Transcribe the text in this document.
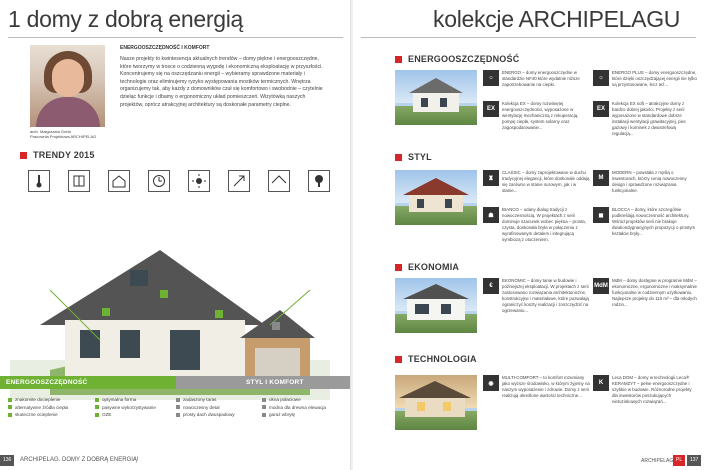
1 domy z dobrą energią
arch. Małgorzata Grela
Pracownia Projektowa ARCHIPELAG
ENERGOOSZCZĘDNOŚĆ I KOMFORT
Nasze projekty to kwintesencja aktualnych trendów – domy piękne i energooszczędne, które tworzymy w trosce o codzienną wygodę i ekonomiczną eksploatację w przyszłości. Koncentrujemy się na oszczędzaniu energii – wybieramy sprawdzone materiały i technologie oraz eliminujemy ryzyko występowania mostków termicznych. Wnętrza organizujemy tak, aby każdy z domowników czuł się komfortowo i swobodnie – czytelnie dzieląc funkcje i dbamy o ergonomiczny układ pomieszczeń. Wizytówką naszych projektów, oprócz atrakcyjnej architektury są doskonałe parametry cieplne.
TRENDY 2015
ENERGOOSZCZĘDNOŚĆ	STYL I KOMFORT
znakomite docieplenie
alternatywne źródła ciepła
skuteczne ocieplenie
optymalna forma
pasywne wykorzystywanie
OZE
zadaszony taras
nowoczesny detal
prosty dach dwuspadowy
okna połaciowe
modna dla drewna elewacja
garaż wbryłę
136	ARCHIPELAG. DOMY Z DOBRĄ ENERGIĄ!
kolekcje ARCHIPELAGU
ENERGOOSZCZĘDNOŚĆ
☼
ENERGO – domy energooszczędne w standardzie NF40 które wydatnie niższe zapotrzebowanie na ciepło.
☼
ENERGO PLUS – domy energooszczędne, które dzięki oszczędzającej energii nie tylko są przystosowane, lecz też...
EX
Kolekcja EX – domy rozwiniętej energooszczędności, wyposażone w wentylację mechaniczną z rekuperacją, pompę ciepła, system solarny oraz zagospodarowanie...
EX
Kolekcja EX soft – atrakcyjne domy z bardzo dobrej jakości. Projekty z serii wyposażono w standardowe dobrze instalacji wentylacji grawitacyjnej, piec gazowy i kominek z dwustrefową regulacją...
STYL
♜
CLASSIC – domy zaprojektowane w duchu tradycyjnej elegancji, które doskonale oddają się zarówno w stanie surowym, jak i w stanie...
M
MODERN – powstała z myślą o inwestorach, którzy cenią nowoczesny design i sprawdzone rozwiązania funkcjonalne.
☗
BIANCO – udany dialog tradycji z nowoczesnością. W projektach z serii dominuje szacunek wobec piękna – prosta, czysta, doskonała bryła w połączeniu z wyrafinowanym detalem i integrującą symbiozą z otoczeniem.
◼
BLOCCA – domy, które szczególnie podkreślają nowoczesność architektury. Wśród projektów serii nie brakuje dwukondygnacyjnych propozycji o prostym kształcie bryły...
EKONOMIA
€
EKONOMIC – domy tanie w budowie i późniejszej eksploatacji. W projektach z serii zastosowano rozwiązania architektoniczne, konstrukcyjne i materiałowe, które pozwalają ograniczyć koszty realizacji i zoszczędzić na ogrzewaniu...
MdM
MdM – domy dostępne w programie MdM – ekonomiczne, ergonomiczne i maksymalnie funkcjonalne w codziennym użytkowaniu. Najlepsze projekty do 110 m² – dla młodych rodzin...
TECHNOLOGIA
◉
MULTI-COMFORT – to komfort rozumiany jako wyższe środowisko, w którym żyjemy na naszym wyposażenie i zdrowie. Domy z serii realizują określone wartości techniczne...
K
Leca DOM – domy w technologii Leca® KERAMZYT – pełne energooszczędne i szybkie w budowie. Różnorodne projekty dla inwestorów poszukujących nietuzinkowych rozwiązań...
ARCHIPELAG PL	137
